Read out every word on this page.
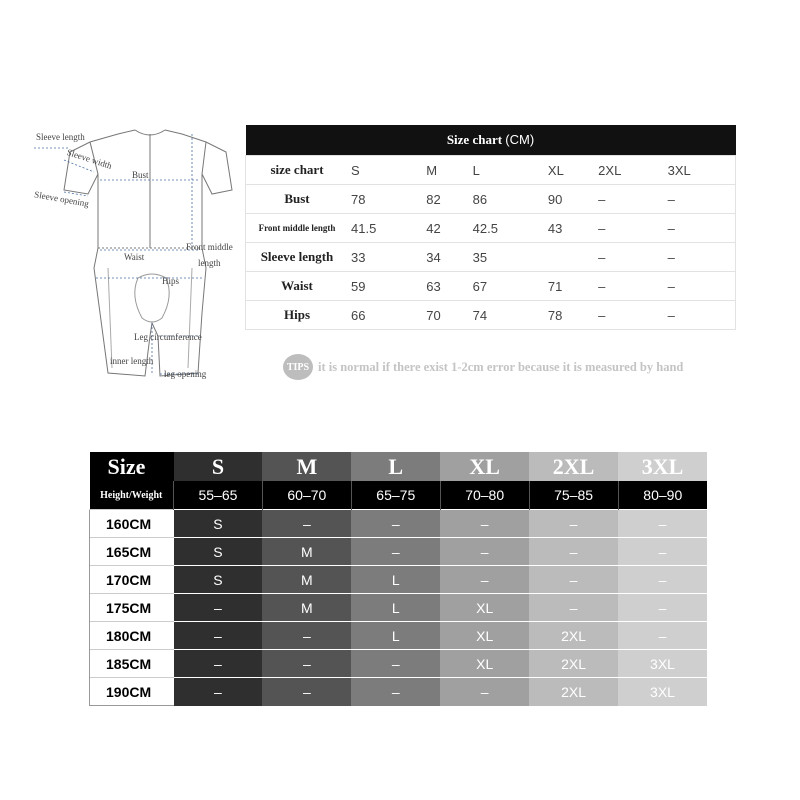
Sleeve length
Sleeve width
Bust
Sleeve opening
Front middle
length
Waist
Hips
Leg circumference
inner length
leg opening
Size chart (CM)						
size chart	S	M	L	XL	2XL	3XL
Bust	78	82	86	90	–	–
Front middle length	41.5	42	42.5	43	–	–
Sleeve length	33	34	35		–	–
Waist	59	63	67	71	–	–
Hips	66	70	74	78	–	–
TIPS it is normal if there exist 1-2cm error because it is measured by hand
Size	S	M	L	XL	2XL	3XL
Height/Weight	55–65	60–70	65–75	70–80	75–85	80–90
160CM	S	–	–	–	–	–
165CM	S	M	–	–	–	–
170CM	S	M	L	–	–	–
175CM	–	M	L	XL	–	–
180CM	–	–	L	XL	2XL	–
185CM	–	–	–	XL	2XL	3XL
190CM	–	–	–	–	2XL	3XL
